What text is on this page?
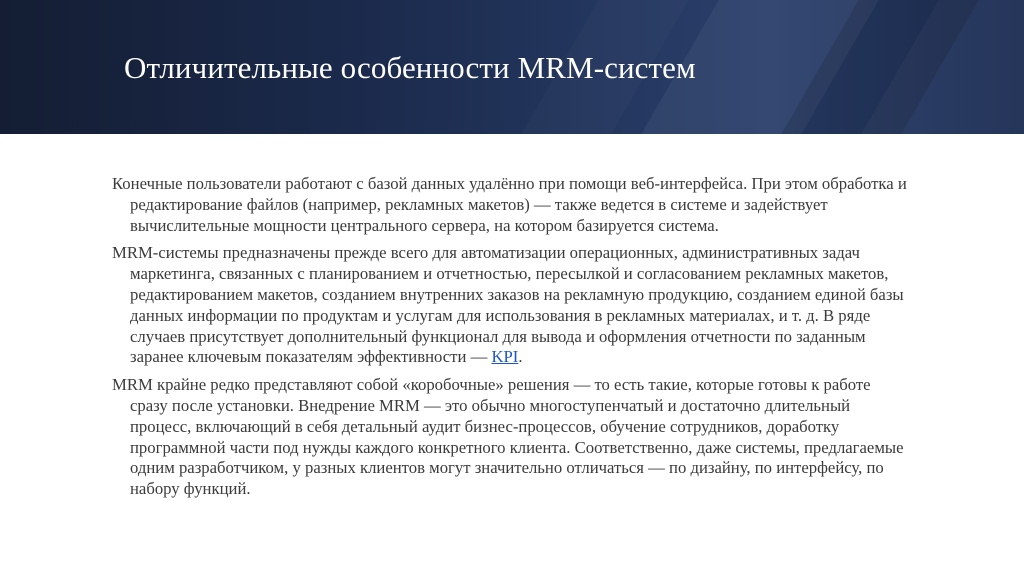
Отличительные особенности MRM-систем

Конечные пользователи работают с базой данных удалённо при помощи веб-интерфейса. При этом обработка и редактирование файлов (например, рекламных макетов) — также ведется в системе и задействует вычислительные мощности центрального сервера, на котором базируется система.

MRM-системы предназначены прежде всего для автоматизации операционных, административных задач маркетинга, связанных с планированием и отчетностью, пересылкой и согласованием рекламных макетов, редактированием макетов, созданием внутренних заказов на рекламную продукцию, созданием единой базы данных информации по продуктам и услугам для использования в рекламных материалах, и т. д. В ряде случаев присутствует дополнительный функционал для вывода и оформления отчетности по заданным заранее ключевым показателям эффективности — KPI.

MRM крайне редко представляют собой «коробочные» решения — то есть такие, которые готовы к работе сразу после установки. Внедрение MRM — это обычно многоступенчатый и достаточно длительный процесс, включающий в себя детальный аудит бизнес-процессов, обучение сотрудников, доработку программной части под нужды каждого конкретного клиента. Соответственно, даже системы, предлагаемые одним разработчиком, у разных клиентов могут значительно отличаться — по дизайну, по интерфейсу, по набору функций.
